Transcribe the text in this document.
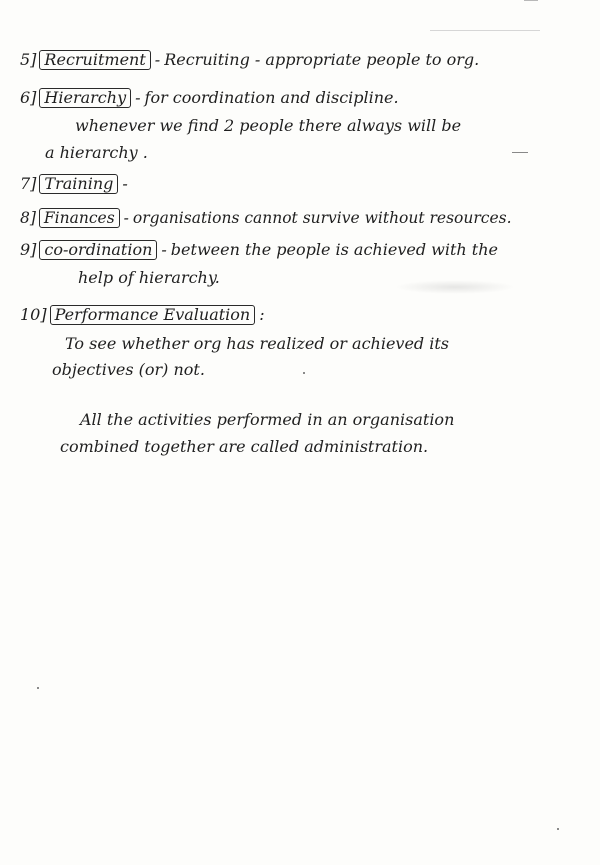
5] Recruitment - Recruiting - appropriate people to org.
6] Hierarchy - for coordination and discipline.
whenever we find 2 people there always will be
a hierarchy .
7] Training -
8] Finances - organisations cannot survive without resources.
9] co-ordination - between the people is achieved with the
help of hierarchy.
10] Performance Evaluation :
To see whether org has realized or achieved its
objectives (or) not.
All the activities performed in an organisation
combined together are called administration.
